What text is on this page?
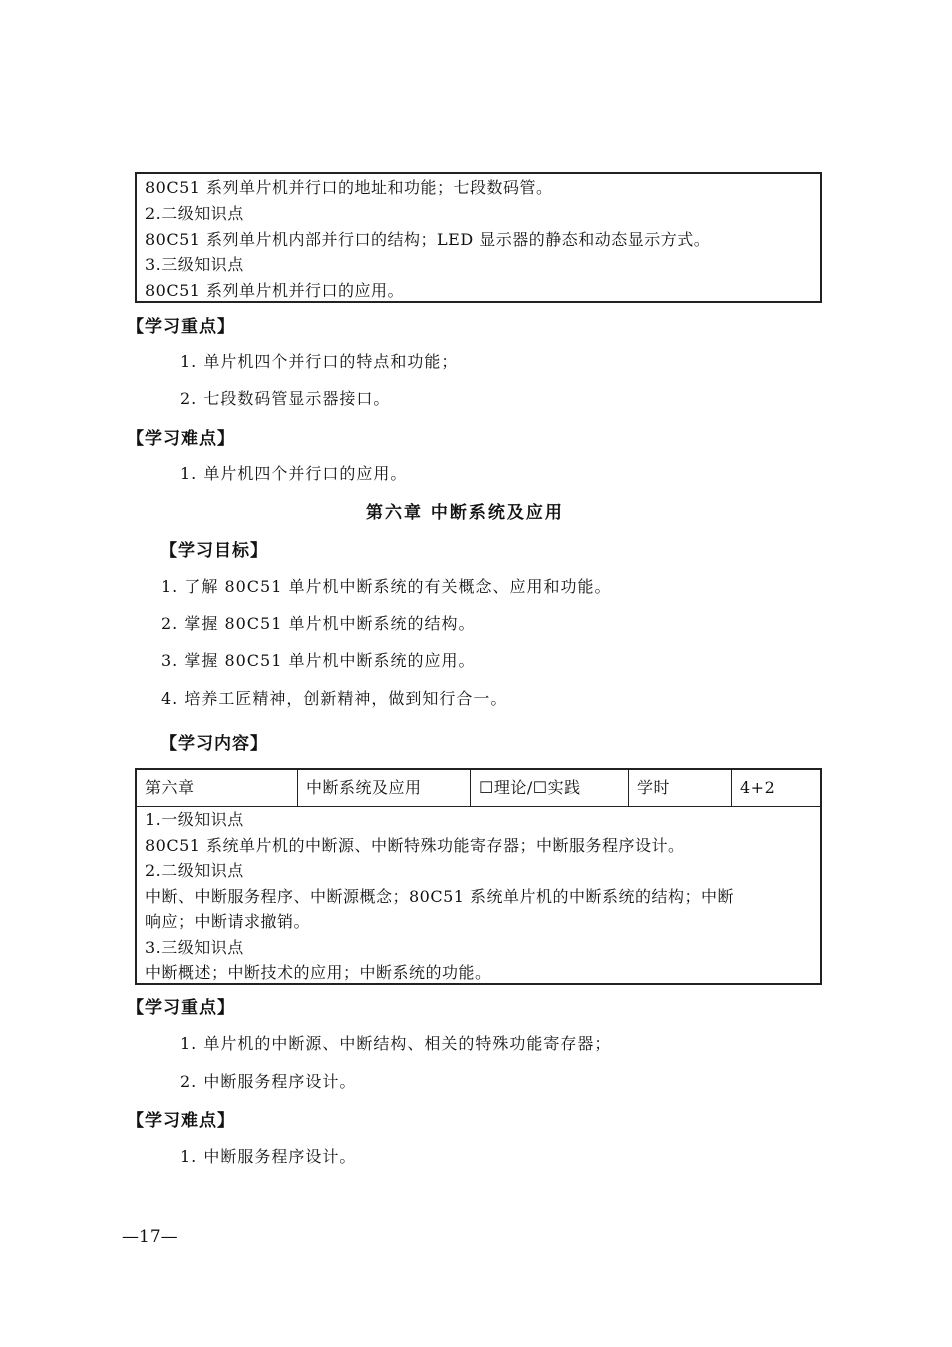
80C51 系列单片机并行口的地址和功能；七段数码管。
2.二级知识点
80C51 系列单片机内部并行口的结构；LED 显示器的静态和动态显示方式。
3.三级知识点
80C51 系列单片机并行口的应用。
【学习重点】
1. 单片机四个并行口的特点和功能；
2. 七段数码管显示器接口。
【学习难点】
1. 单片机四个并行口的应用。
第六章 中断系统及应用
【学习目标】
1. 了解 80C51 单片机中断系统的有关概念、应用和功能。
2. 掌握 80C51 单片机中断系统的结构。
3. 掌握 80C51 单片机中断系统的应用。
4. 培养工匠精神，创新精神，做到知行合一。
【学习内容】
第六章	中断系统及应用	☐理论/☐实践	学时	4+2
1.一级知识点
80C51 系统单片机的中断源、中断特殊功能寄存器；中断服务程序设计。
2.二级知识点
中断、中断服务程序、中断源概念；80C51 系统单片机的中断系统的结构；中断
响应；中断请求撤销。
3.三级知识点
中断概述；中断技术的应用；中断系统的功能。
【学习重点】
1. 单片机的中断源、中断结构、相关的特殊功能寄存器；
2. 中断服务程序设计。
【学习难点】
1. 中断服务程序设计。
—17—
